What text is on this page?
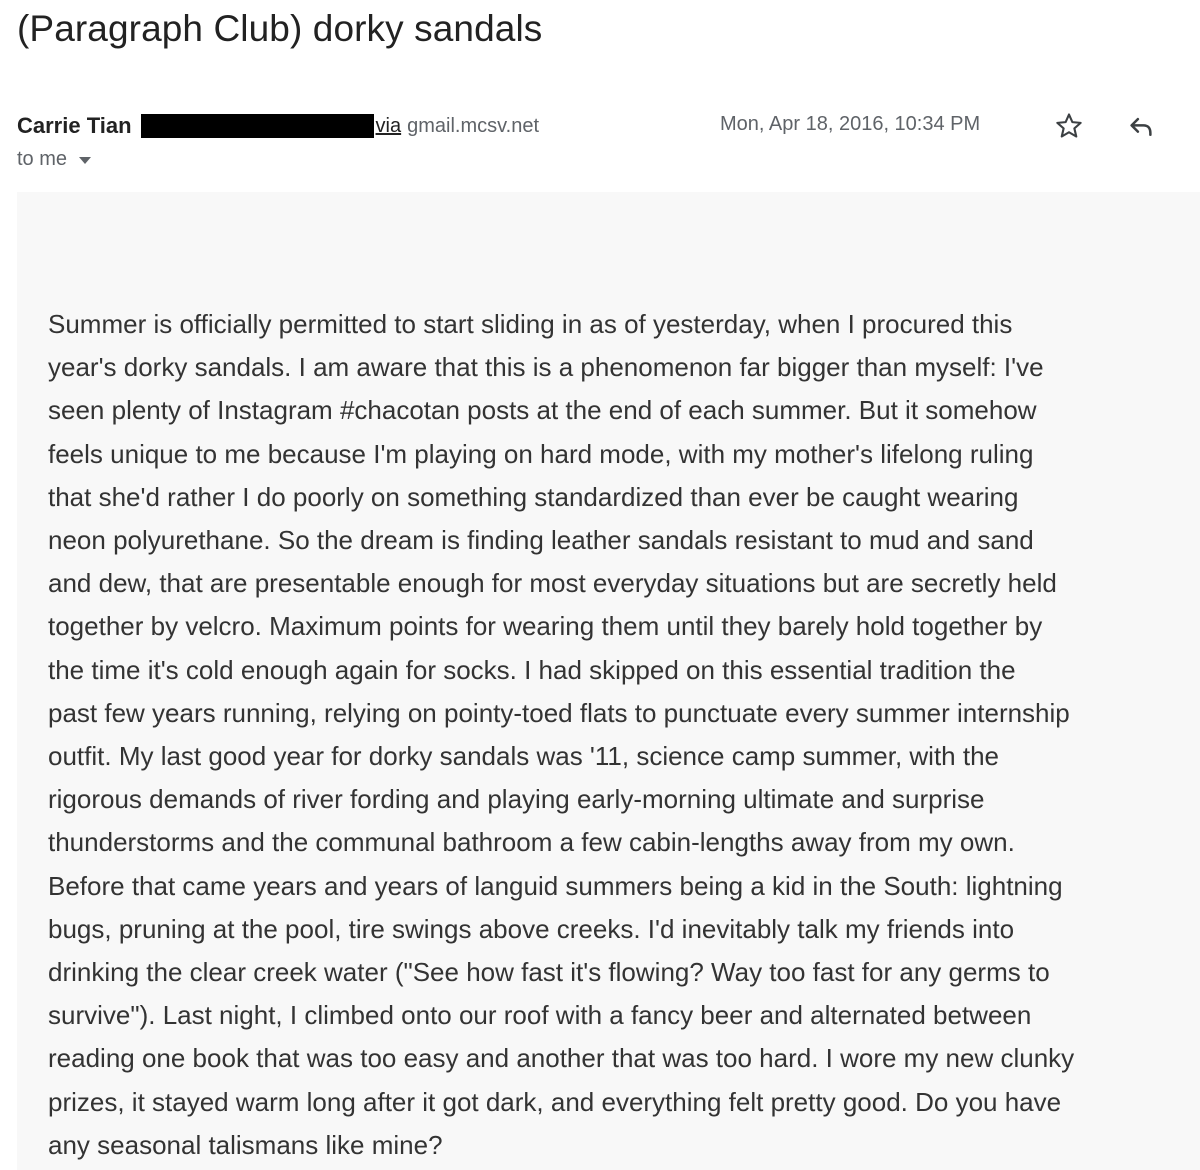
(Paragraph Club) dorky sandals
Carrie Tian	via gmail.mcsv.net	Mon, Apr 18, 2016, 10:34 PM
to me

Summer is officially permitted to start sliding in as of yesterday, when I procured this
year's dorky sandals. I am aware that this is a phenomenon far bigger than myself: I've
seen plenty of Instagram #chacotan posts at the end of each summer. But it somehow
feels unique to me because I'm playing on hard mode, with my mother's lifelong ruling
that she'd rather I do poorly on something standardized than ever be caught wearing
neon polyurethane. So the dream is finding leather sandals resistant to mud and sand
and dew, that are presentable enough for most everyday situations but are secretly held
together by velcro. Maximum points for wearing them until they barely hold together by
the time it's cold enough again for socks. I had skipped on this essential tradition the
past few years running, relying on pointy-toed flats to punctuate every summer internship
outfit. My last good year for dorky sandals was '11, science camp summer, with the
rigorous demands of river fording and playing early-morning ultimate and surprise
thunderstorms and the communal bathroom a few cabin-lengths away from my own.
Before that came years and years of languid summers being a kid in the South: lightning
bugs, pruning at the pool, tire swings above creeks. I'd inevitably talk my friends into
drinking the clear creek water ("See how fast it's flowing? Way too fast for any germs to
survive"). Last night, I climbed onto our roof with a fancy beer and alternated between
reading one book that was too easy and another that was too hard. I wore my new clunky
prizes, it stayed warm long after it got dark, and everything felt pretty good. Do you have
any seasonal talismans like mine?
